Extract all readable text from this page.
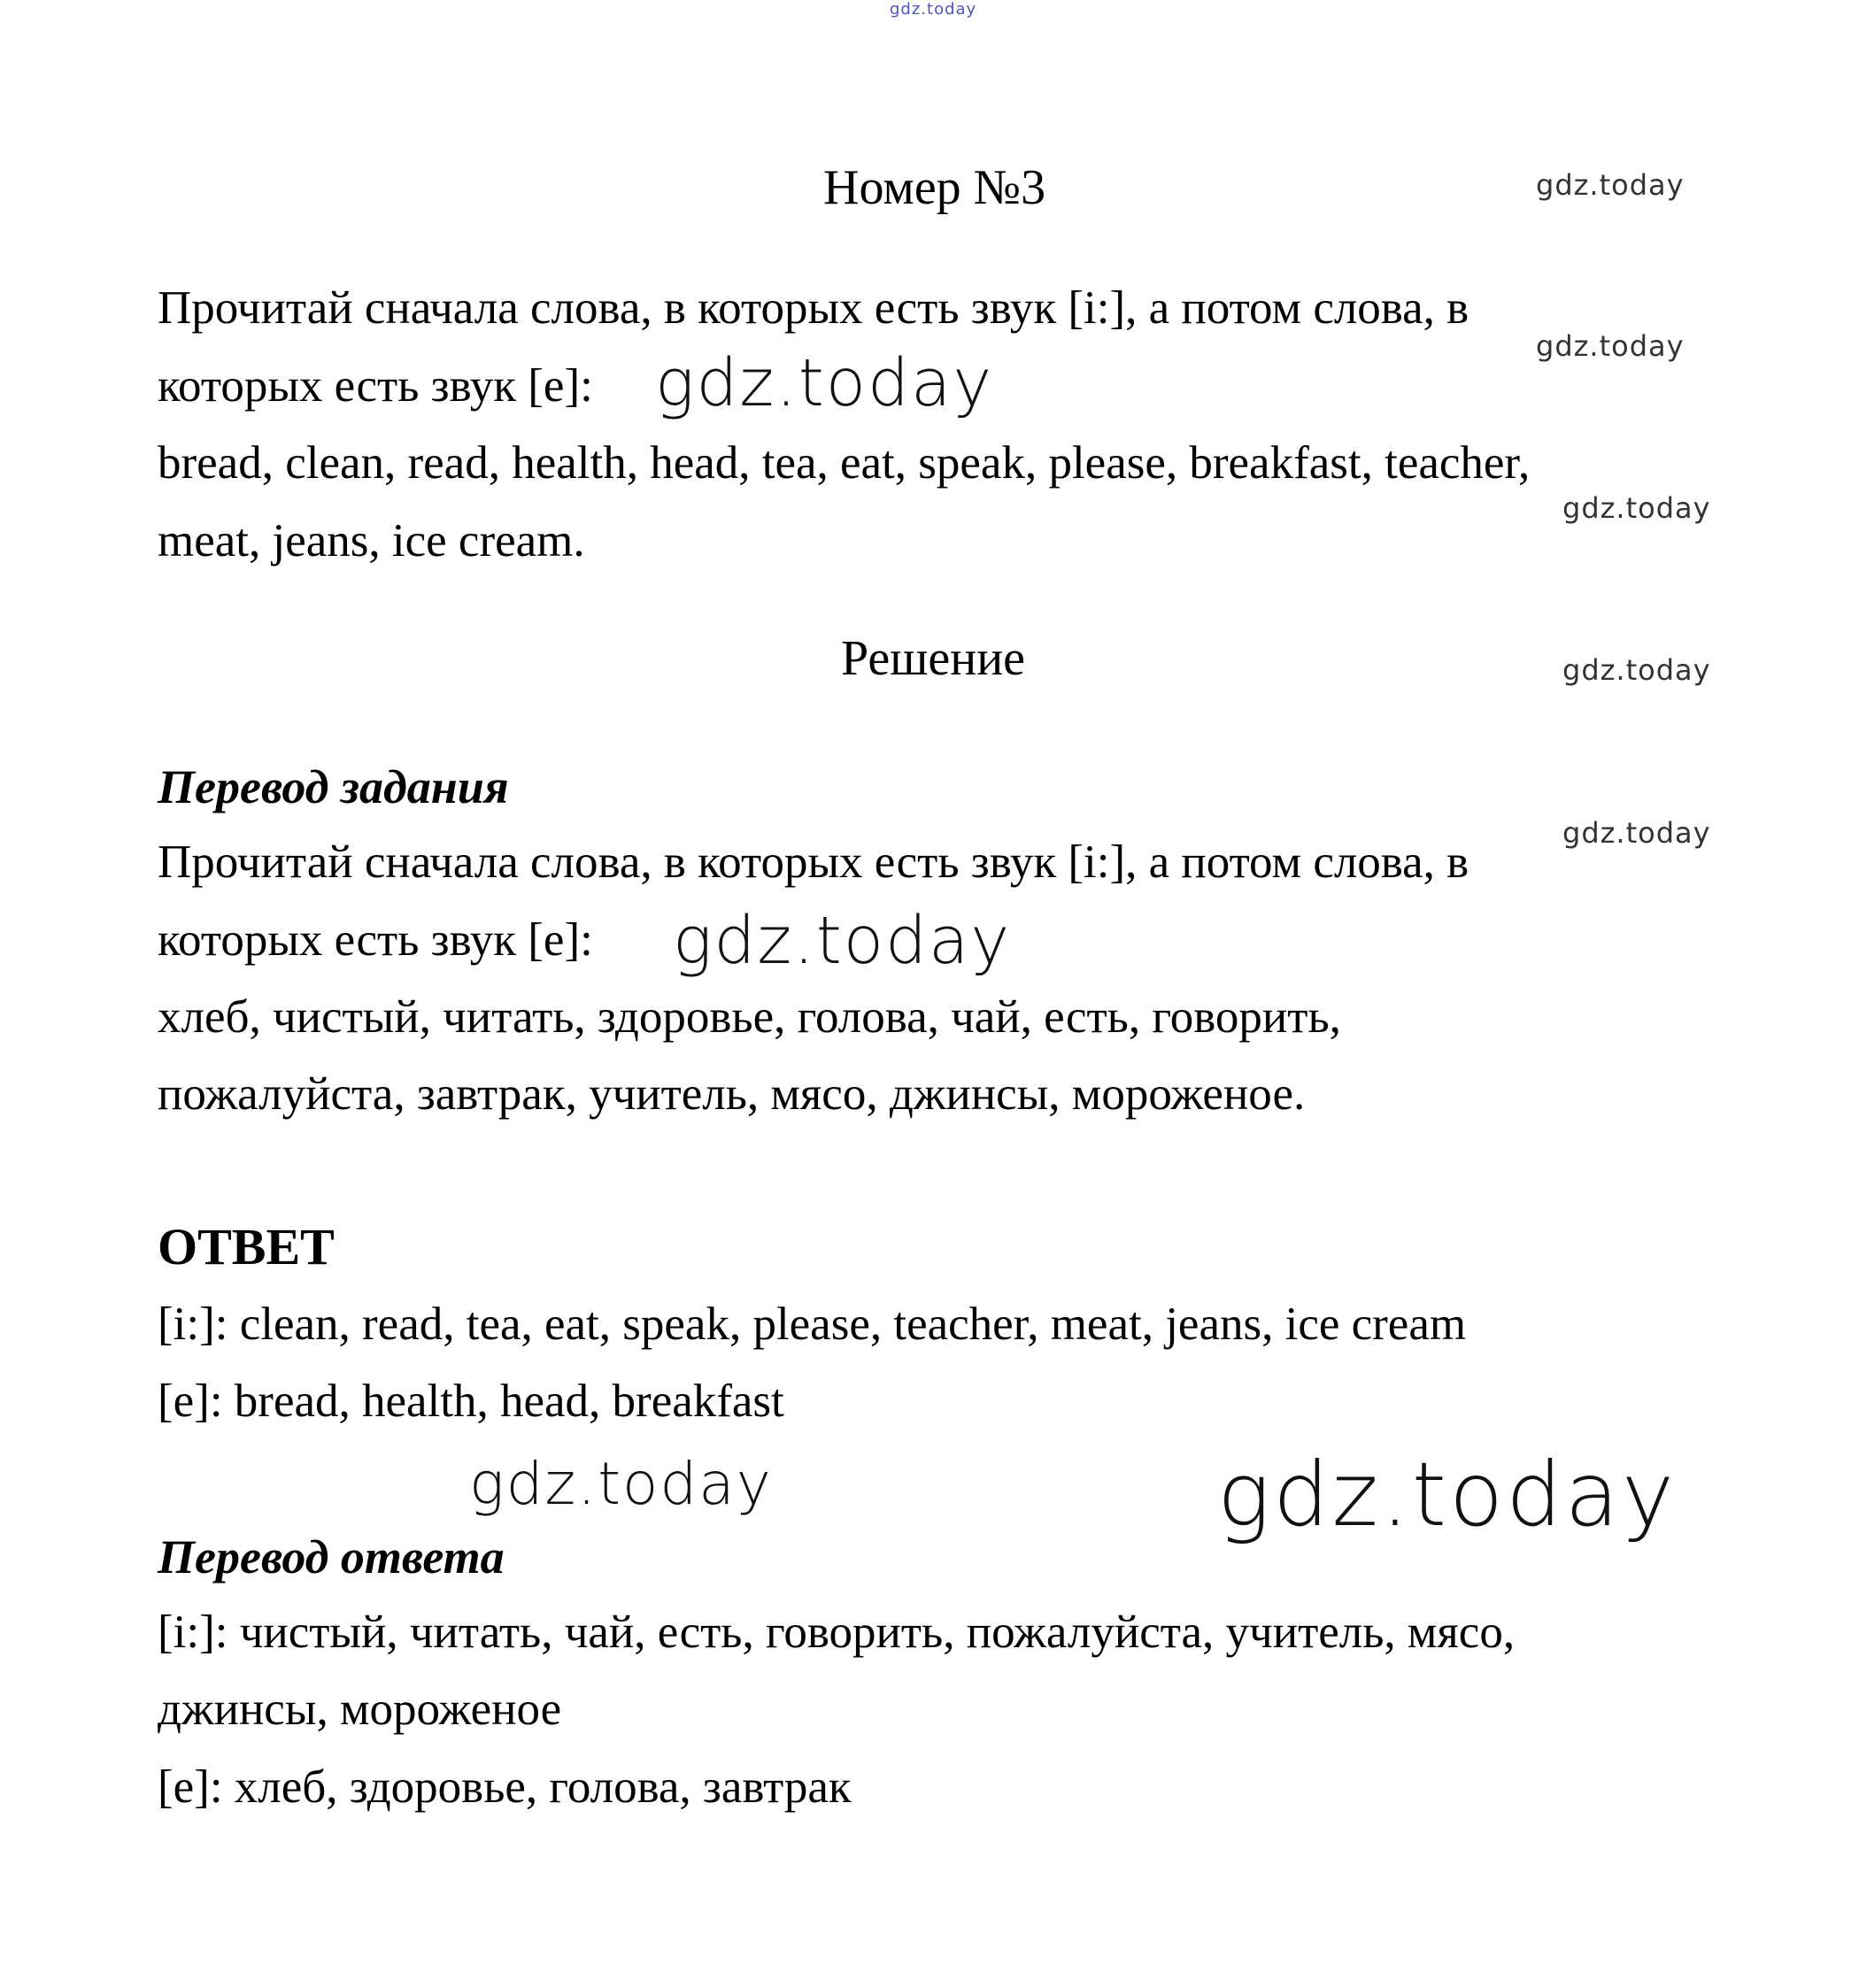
gdz.today
Номер №3	gdz.today
Прочитай сначала слова, в которых есть звук [i:], а потом слова, в
gdz.today
которых есть звук [e]: gdz.today
bread, clean, read, health, head, tea, eat, speak, please, breakfast, teacher,
gdz.today
meat, jeans, ice cream.
Решение	gdz.today
Перевод задания
gdz.today
Прочитай сначала слова, в которых есть звук [i:], а потом слова, в
которых есть звук [e]: gdz.today
хлеб, чистый, читать, здоровье, голова, чай, есть, говорить,
пожалуйста, завтрак, учитель, мясо, джинсы, мороженое.
ОТВЕТ
[i:]: clean, read, tea, eat, speak, please, teacher, meat, jeans, ice cream
[e]: bread, health, head, breakfast
gdz.today	gdz.today
Перевод ответа
[i:]: чистый, читать, чай, есть, говорить, пожалуйста, учитель, мясо,
джинсы, мороженое
[e]: хлеб, здоровье, голова, завтрак
